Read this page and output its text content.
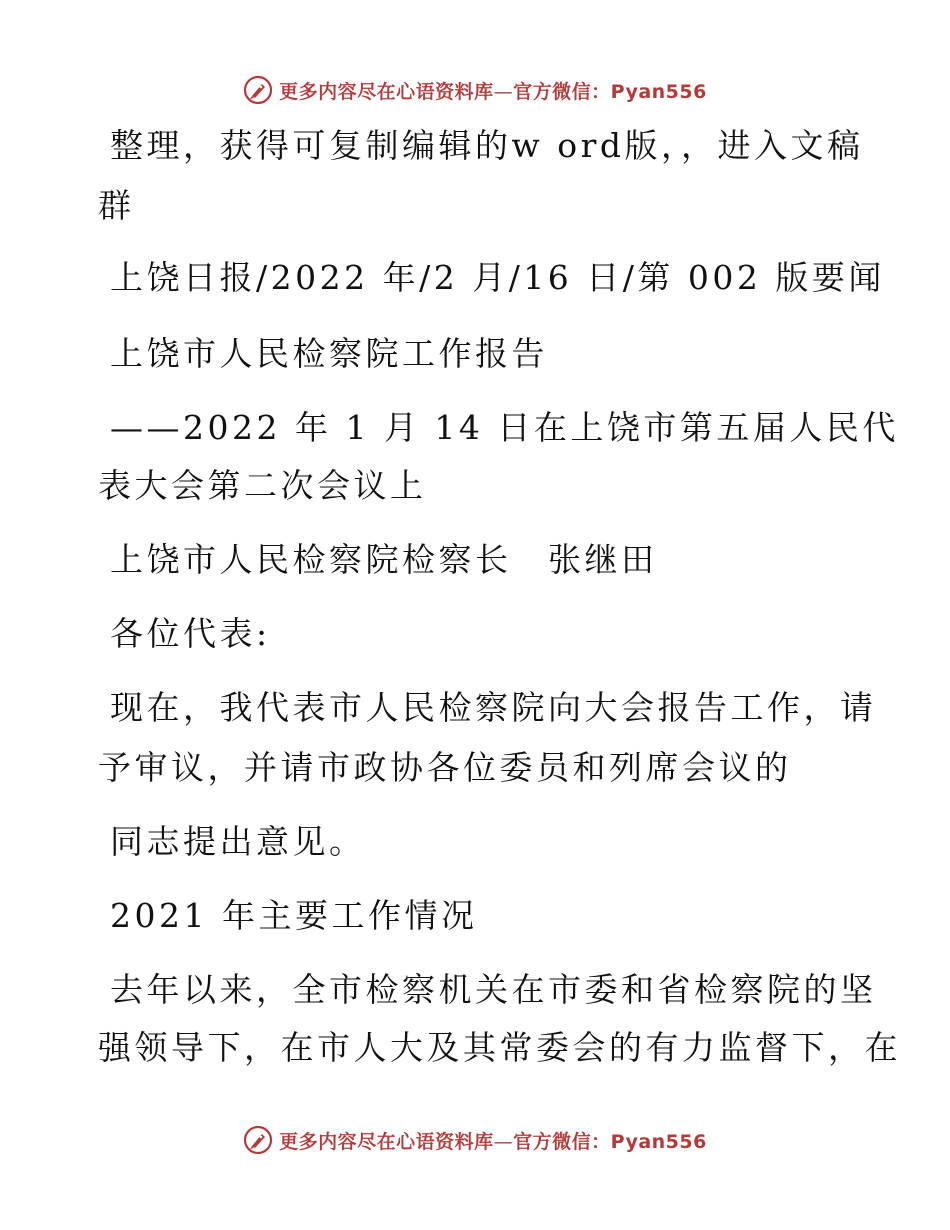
更多内容尽在心语资料库—官方微信：Pyan556
整理，获得可复制编辑的w ord版，，进入文稿
群
上饶日报/2022 年/2 月/16 日/第 002 版要闻
上饶市人民检察院工作报告
——2022 年 1 月 14 日在上饶市第五届人民代
表大会第二次会议上
上饶市人民检察院检察长　张继田
各位代表:
现在，我代表市人民检察院向大会报告工作，请
予审议，并请市政协各位委员和列席会议的
同志提出意见。
2021 年主要工作情况
去年以来，全市检察机关在市委和省检察院的坚
强领导下，在市人大及其常委会的有力监督下，在
更多内容尽在心语资料库—官方微信：Pyan556
